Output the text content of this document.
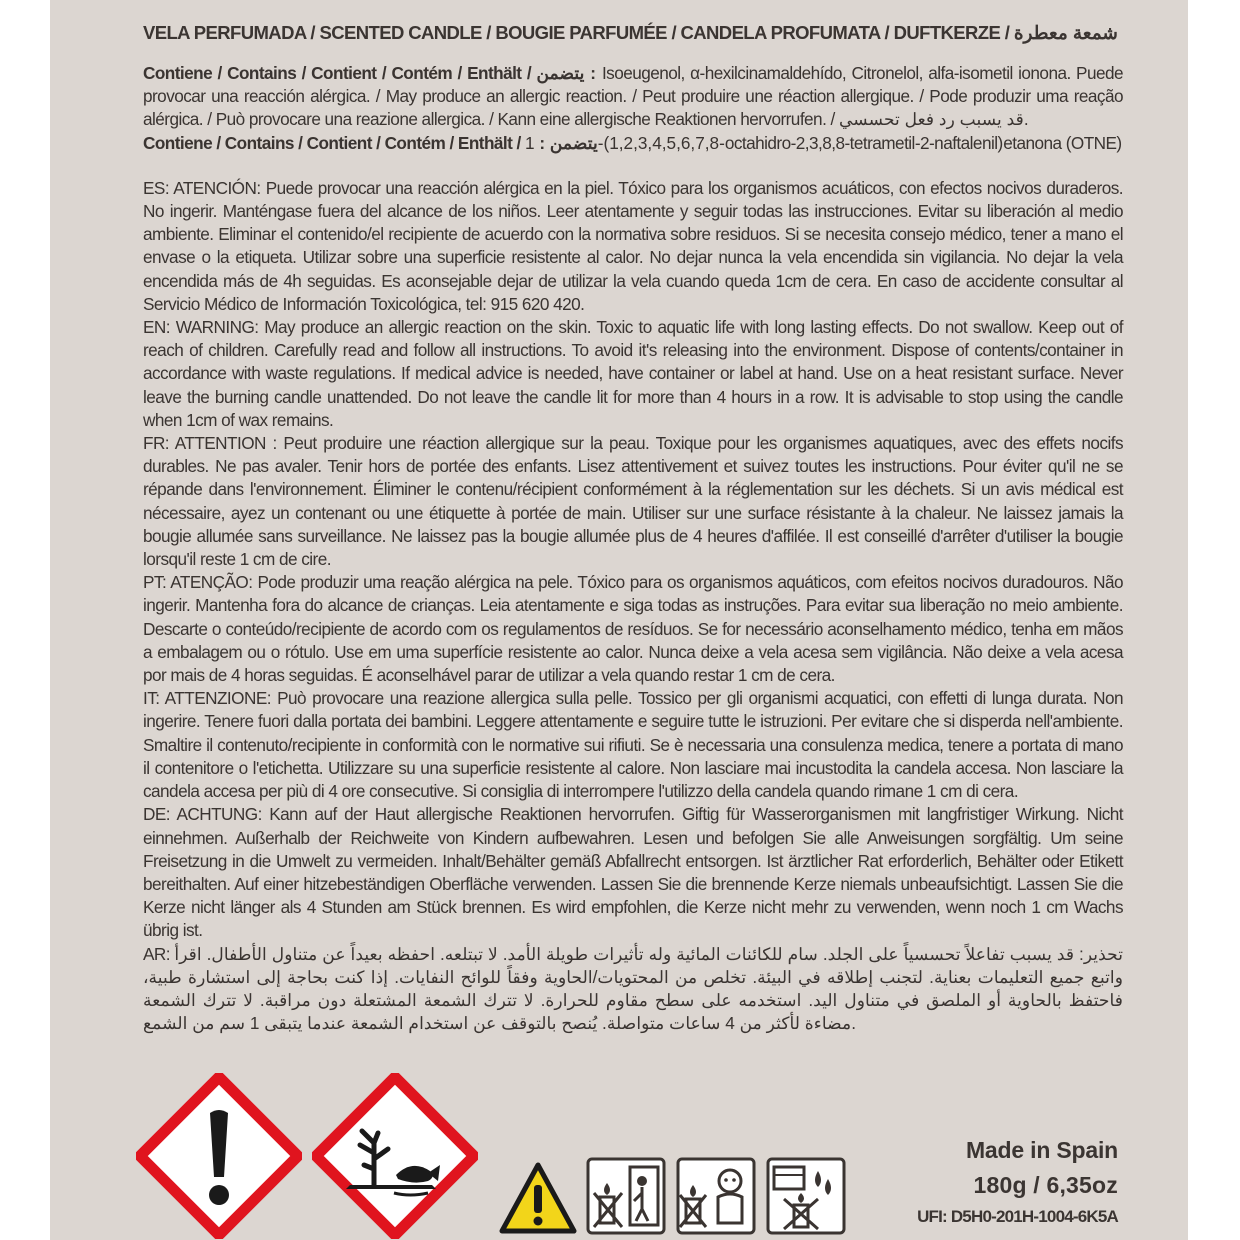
VELA PERFUMADA / SCENTED CANDLE / BOUGIE PARFUMÉE / CANDELA PROFUMATA / DUFTKERZE / شمعة معطرة

Contiene / Contains / Contient / Contém / Enthält / يتضمن : Isoeugenol, α-hexilcinamaldehído, Citronelol, alfa-isometil ionona. Puede provocar una reacción alérgica. / May produce an allergic reaction. / Peut produire une réaction allergique. / Pode produzir uma reação alérgica. / Può provocare una reazione allergica. / Kann eine allergische Reaktionen hervorrufen. / قد يسبب رد فعل تحسسي.

Contiene / Contains / Contient / Contém / Enthält / يتضمن : 1-(1,2,3,4,5,6,7,8-octahidro-2,3,8,8-tetrametil-2-naftalenil)etanona (OTNE)

ES: ATENCIÓN: Puede provocar una reacción alérgica en la piel. Tóxico para los organismos acuáticos, con efectos nocivos duraderos. No ingerir. Manténgase fuera del alcance de los niños. Leer atentamente y seguir todas las instrucciones. Evitar su liberación al medio ambiente. Eliminar el contenido/el recipiente de acuerdo con la normativa sobre residuos. Si se necesita consejo médico, tener a mano el envase o la etiqueta. Utilizar sobre una superficie resistente al calor. No dejar nunca la vela encendida sin vigilancia. No dejar la vela encendida más de 4h seguidas. Es aconsejable dejar de utilizar la vela cuando queda 1cm de cera. En caso de accidente consultar al Servicio Médico de Información Toxicológica, tel: 915 620 420.

EN: WARNING: May produce an allergic reaction on the skin. Toxic to aquatic life with long lasting effects. Do not swallow. Keep out of reach of children. Carefully read and follow all instructions. To avoid it's releasing into the environment. Dispose of contents/container in accordance with waste regulations. If medical advice is needed, have container or label at hand. Use on a heat resistant surface. Never leave the burning candle unattended. Do not leave the candle lit for more than 4 hours in a row. It is advisable to stop using the candle when 1cm of wax remains.

FR: ATTENTION : Peut produire une réaction allergique sur la peau. Toxique pour les organismes aquatiques, avec des effets nocifs durables. Ne pas avaler. Tenir hors de portée des enfants. Lisez attentivement et suivez toutes les instructions. Pour éviter qu'il ne se répande dans l'environnement. Éliminer le contenu/récipient conformément à la réglementation sur les déchets. Si un avis médical est nécessaire, ayez un contenant ou une étiquette à portée de main. Utiliser sur une surface résistante à la chaleur. Ne laissez jamais la bougie allumée sans surveillance. Ne laissez pas la bougie allumée plus de 4 heures d'affilée. Il est conseillé d'arrêter d'utiliser la bougie lorsqu'il reste 1 cm de cire.

PT: ATENÇÃO: Pode produzir uma reação alérgica na pele. Tóxico para os organismos aquáticos, com efeitos nocivos duradouros. Não ingerir. Mantenha fora do alcance de crianças. Leia atentamente e siga todas as instruções. Para evitar sua liberação no meio ambiente. Descarte o conteúdo/recipiente de acordo com os regulamentos de resíduos. Se for necessário aconselhamento médico, tenha em mãos a embalagem ou o rótulo. Use em uma superfície resistente ao calor. Nunca deixe a vela acesa sem vigilância. Não deixe a vela acesa por mais de 4 horas seguidas. É aconselhável parar de utilizar a vela quando restar 1 cm de cera.

IT: ATTENZIONE: Può provocare una reazione allergica sulla pelle. Tossico per gli organismi acquatici, con effetti di lunga durata. Non ingerire. Tenere fuori dalla portata dei bambini. Leggere attentamente e seguire tutte le istruzioni. Per evitare che si disperda nell'ambiente. Smaltire il contenuto/recipiente in conformità con le normative sui rifiuti. Se è necessaria una consulenza medica, tenere a portata di mano il contenitore o l'etichetta. Utilizzare su una superficie resistente al calore. Non lasciare mai incustodita la candela accesa. Non lasciare la candela accesa per più di 4 ore consecutive. Si consiglia di interrompere l'utilizzo della candela quando rimane 1 cm di cera.

DE: ACHTUNG: Kann auf der Haut allergische Reaktionen hervorrufen. Giftig für Wasserorganismen mit langfristiger Wirkung. Nicht einnehmen. Außerhalb der Reichweite von Kindern aufbewahren. Lesen und befolgen Sie alle Anweisungen sorgfältig. Um seine Freisetzung in die Umwelt zu vermeiden. Inhalt/Behälter gemäß Abfallrecht entsorgen. Ist ärztlicher Rat erforderlich, Behälter oder Etikett bereithalten. Auf einer hitzebeständigen Oberfläche verwenden. Lassen Sie die brennende Kerze niemals unbeaufsichtigt. Lassen Sie die Kerze nicht länger als 4 Stunden am Stück brennen. Es wird empfohlen, die Kerze nicht mehr zu verwenden, wenn noch 1 cm Wachs übrig ist.

AR: تحذير: قد يسبب تفاعلاً تحسسياً على الجلد. سام للكائنات المائية وله تأثيرات طويلة الأمد. لا تبتلعه. احفظه بعيداً عن متناول الأطفال. اقرأ واتبع جميع التعليمات بعناية. لتجنب إطلاقه في البيئة. تخلص من المحتويات/الحاوية وفقاً للوائح النفايات. إذا كنت بحاجة إلى استشارة طبية، فاحتفظ بالحاوية أو الملصق في متناول اليد. استخدمه على سطح مقاوم للحرارة. لا تترك الشمعة المشتعلة دون مراقبة. لا تترك الشمعة مضاءة لأكثر من 4 ساعات متواصلة. يُنصح بالتوقف عن استخدام الشمعة عندما يتبقى 1 سم من الشمع.

Made in Spain
180g / 6,35oz
UFI: D5H0-201H-1004-6K5A
